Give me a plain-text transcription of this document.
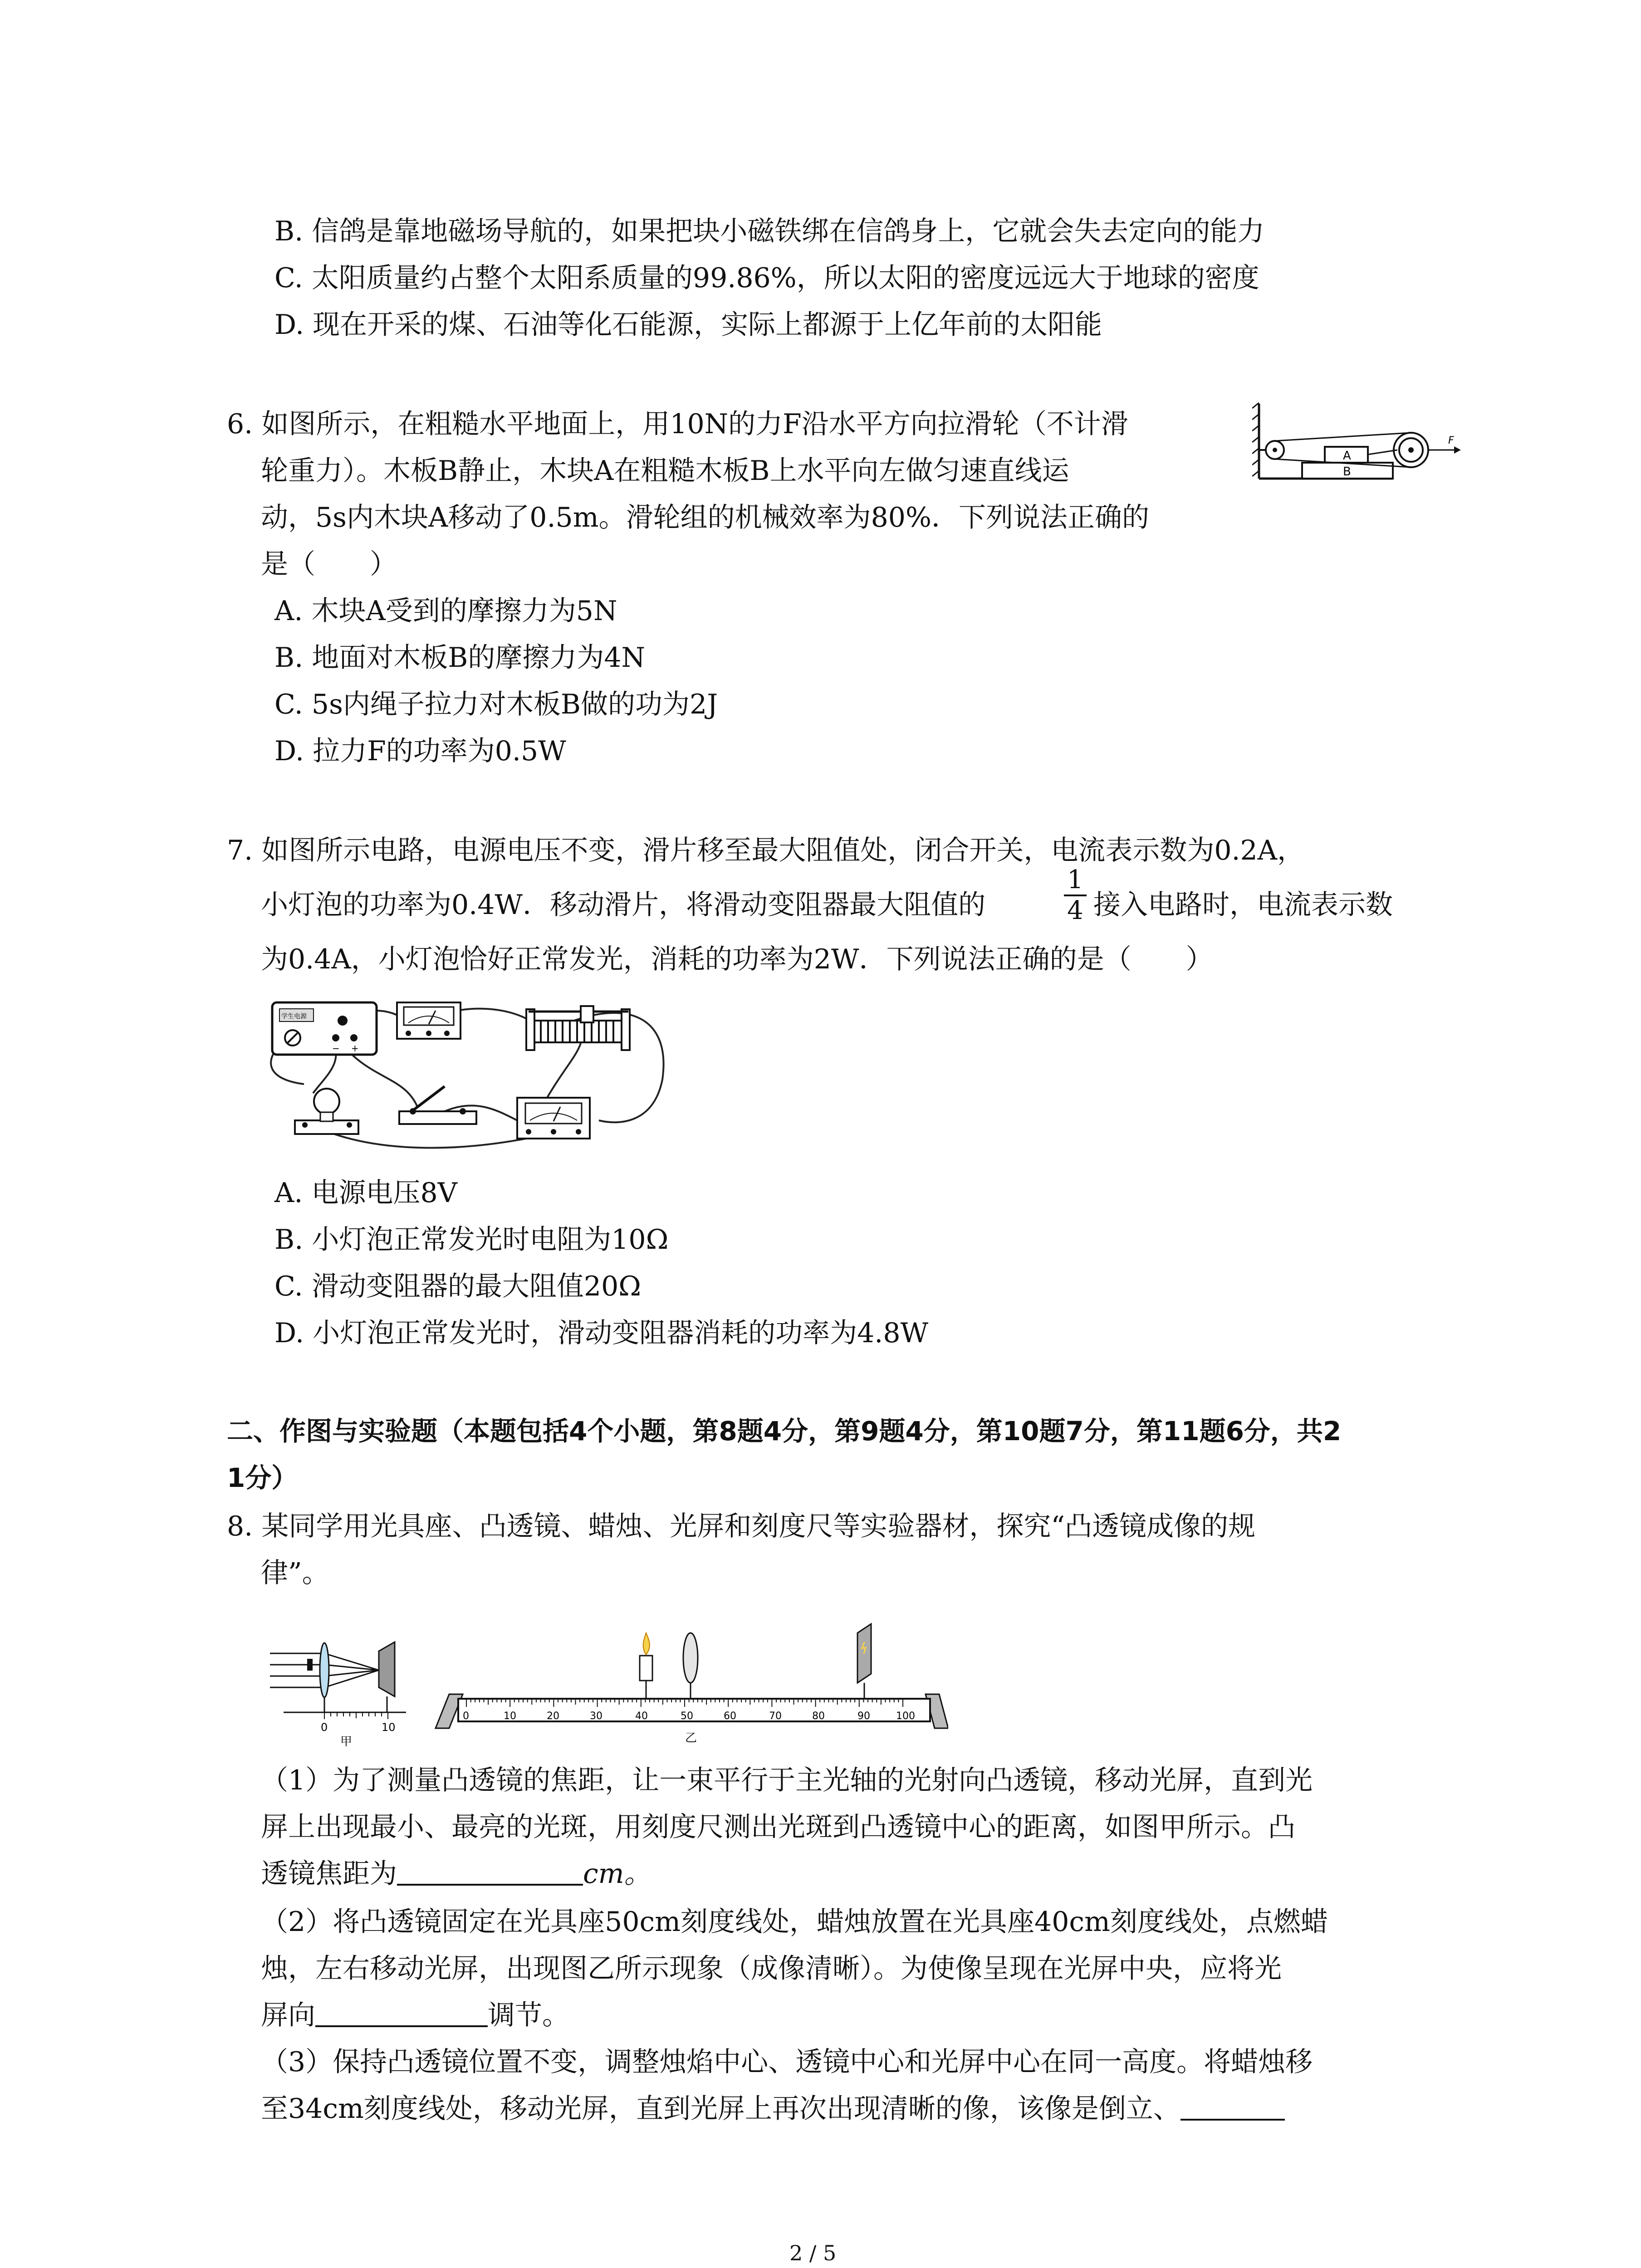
B. 信鸽是靠地磁场导航的，如果把块小磁铁绑在信鸽身上，它就会失去定向的能力
C. 太阳质量约占整个太阳系质量的99.86%，所以太阳的密度远远大于地球的密度
D. 现在开采的煤、石油等化石能源，实际上都源于上亿年前的太阳能
6. 如图所示，在粗糙水平地面上，用10N的力F沿水平方向拉滑轮（不计滑
轮重力）。木板B静止，木块A在粗糙木板B上水平向左做匀速直线运
动，5s内木块A移动了0.5m。滑轮组的机械效率为80%．下列说法正确的
是（　　）
A. 木块A受到的摩擦力为5N
B. 地面对木板B的摩擦力为4N
C. 5s内绳子拉力对木板B做的功为2J
D. 拉力F的功率为0.5W
A
B
F
7. 如图所示电路，电源电压不变，滑片移至最大阻值处，闭合开关，电流表示数为0.2A，
小灯泡的功率为0.4W．移动滑片，将滑动变阻器最大阻值的
1
4 接入电路时，电流表示数
为0.4A，小灯泡恰好正常发光，消耗的功率为2W．下列说法正确的是（　　）
学生电源
− +
A. 电源电压8V
B. 小灯泡正常发光时电阻为10Ω
C. 滑动变阻器的最大阻值20Ω
D. 小灯泡正常发光时，滑动变阻器消耗的功率为4.8W
二、作图与实验题（本题包括4个小题，第8题4分，第9题4分，第10题7分，第11题6分，共2
1分）
8. 某同学用光具座、凸透镜、蜡烛、光屏和刻度尺等实验器材，探究“凸透镜成像的规
律”。
0	10
甲
0	10	20	30	40	50	60	70	80	90	100
乙
（1）为了测量凸透镜的焦距，让一束平行于主光轴的光射向凸透镜，移动光屏，直到光
屏上出现最小、最亮的光斑，用刻度尺测出光斑到凸透镜中心的距离，如图甲所示。凸
透镜焦距为	cm。
（2）将凸透镜固定在光具座50cm刻度线处，蜡烛放置在光具座40cm刻度线处，点燃蜡
烛，左右移动光屏，出现图乙所示现象（成像清晰）。为使像呈现在光屏中央，应将光
屏向	调节。
（3）保持凸透镜位置不变，调整烛焰中心、透镜中心和光屏中心在同一高度。将蜡烛移
至34cm刻度线处，移动光屏，直到光屏上再次出现清晰的像，该像是倒立、
2 / 5
